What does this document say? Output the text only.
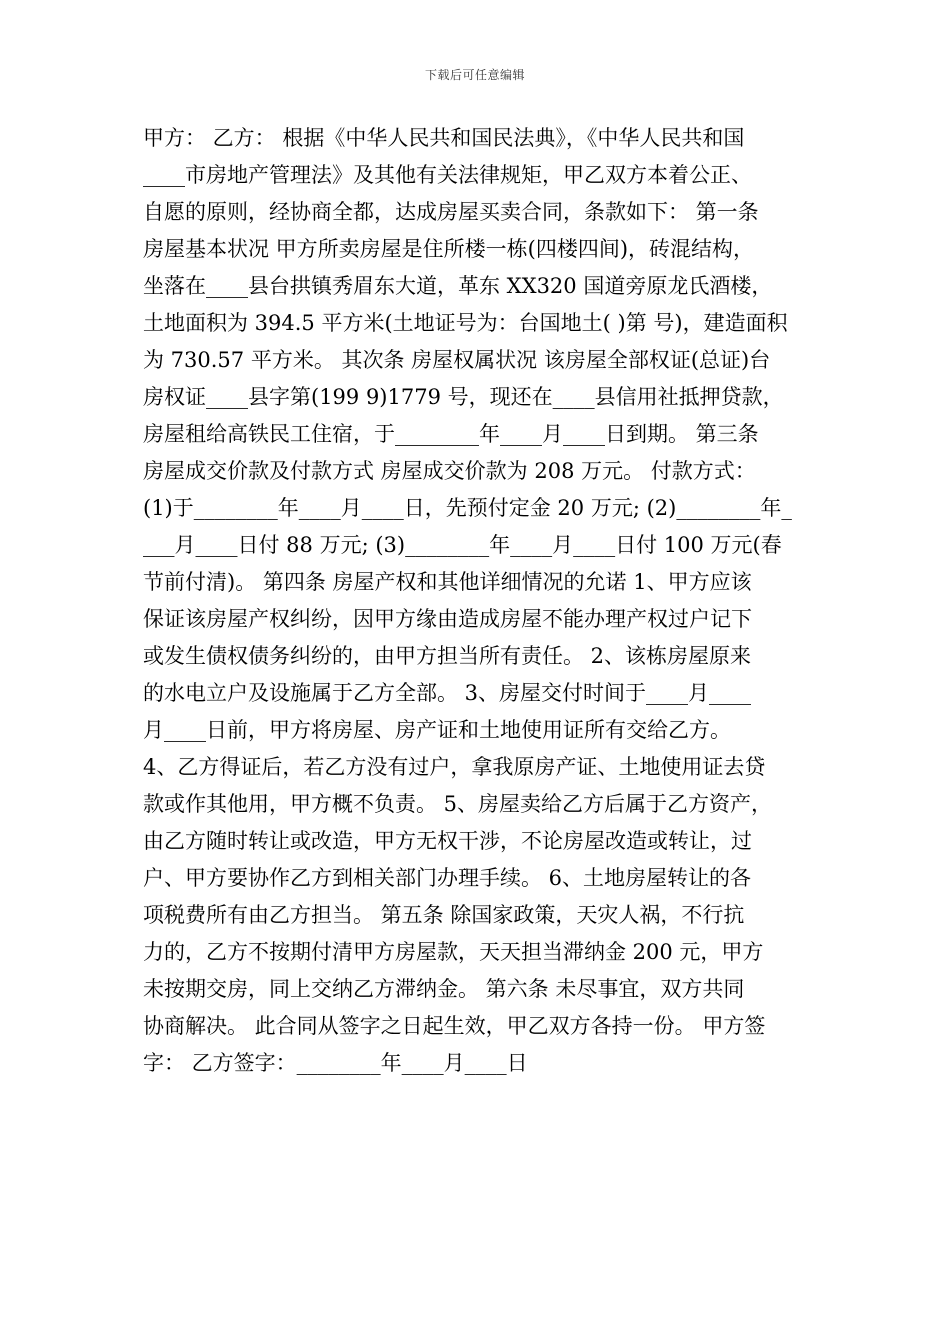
下载后可任意编辑
甲方： 乙方： 根据《中华人民共和国民法典》，《中华人民共和国
____市房地产管理法》及其他有关法律规矩，甲乙双方本着公正、
自愿的原则，经协商全都，达成房屋买卖合同，条款如下： 第一条
房屋基本状况 甲方所卖房屋是住所楼一栋(四楼四间)，砖混结构，
坐落在____县台拱镇秀眉东大道，革东 XX320 国道旁原龙氏酒楼，
土地面积为 394.5 平方米(土地证号为：台国地土( )第 号)，建造面积
为 730.57 平方米。 其次条 房屋权属状况 该房屋全部权证(总证)台
房权证____县字第(199 9)1779 号，现还在____县信用社抵押贷款，
房屋租给高铁民工住宿，于________年____月____日到期。 第三条
房屋成交价款及付款方式 房屋成交价款为 208 万元。 付款方式：
(1)于________年____月____日，先预付定金 20 万元; (2)________年_
___月____日付 88 万元; (3)________年____月____日付 100 万元(春
节前付清)。 第四条 房屋产权和其他详细情况的允诺 1、甲方应该
保证该房屋产权纠纷，因甲方缘由造成房屋不能办理产权过户记下
或发生债权债务纠纷的，由甲方担当所有责任。 2、该栋房屋原来
的水电立户及设施属于乙方全部。 3、房屋交付时间于____月____
月____日前，甲方将房屋、房产证和土地使用证所有交给乙方。
4、乙方得证后，若乙方没有过户，拿我原房产证、土地使用证去贷
款或作其他用，甲方概不负责。 5、房屋卖给乙方后属于乙方资产，
由乙方随时转让或改造，甲方无权干涉，不论房屋改造或转让，过
户、甲方要协作乙方到相关部门办理手续。 6、土地房屋转让的各
项税费所有由乙方担当。 第五条 除国家政策，天灾人祸，不行抗
力的，乙方不按期付清甲方房屋款，天天担当滞纳金 200 元，甲方
未按期交房，同上交纳乙方滞纳金。 第六条 未尽事宜，双方共同
协商解决。 此合同从签字之日起生效，甲乙双方各持一份。 甲方签
字： 乙方签字：________年____月____日
